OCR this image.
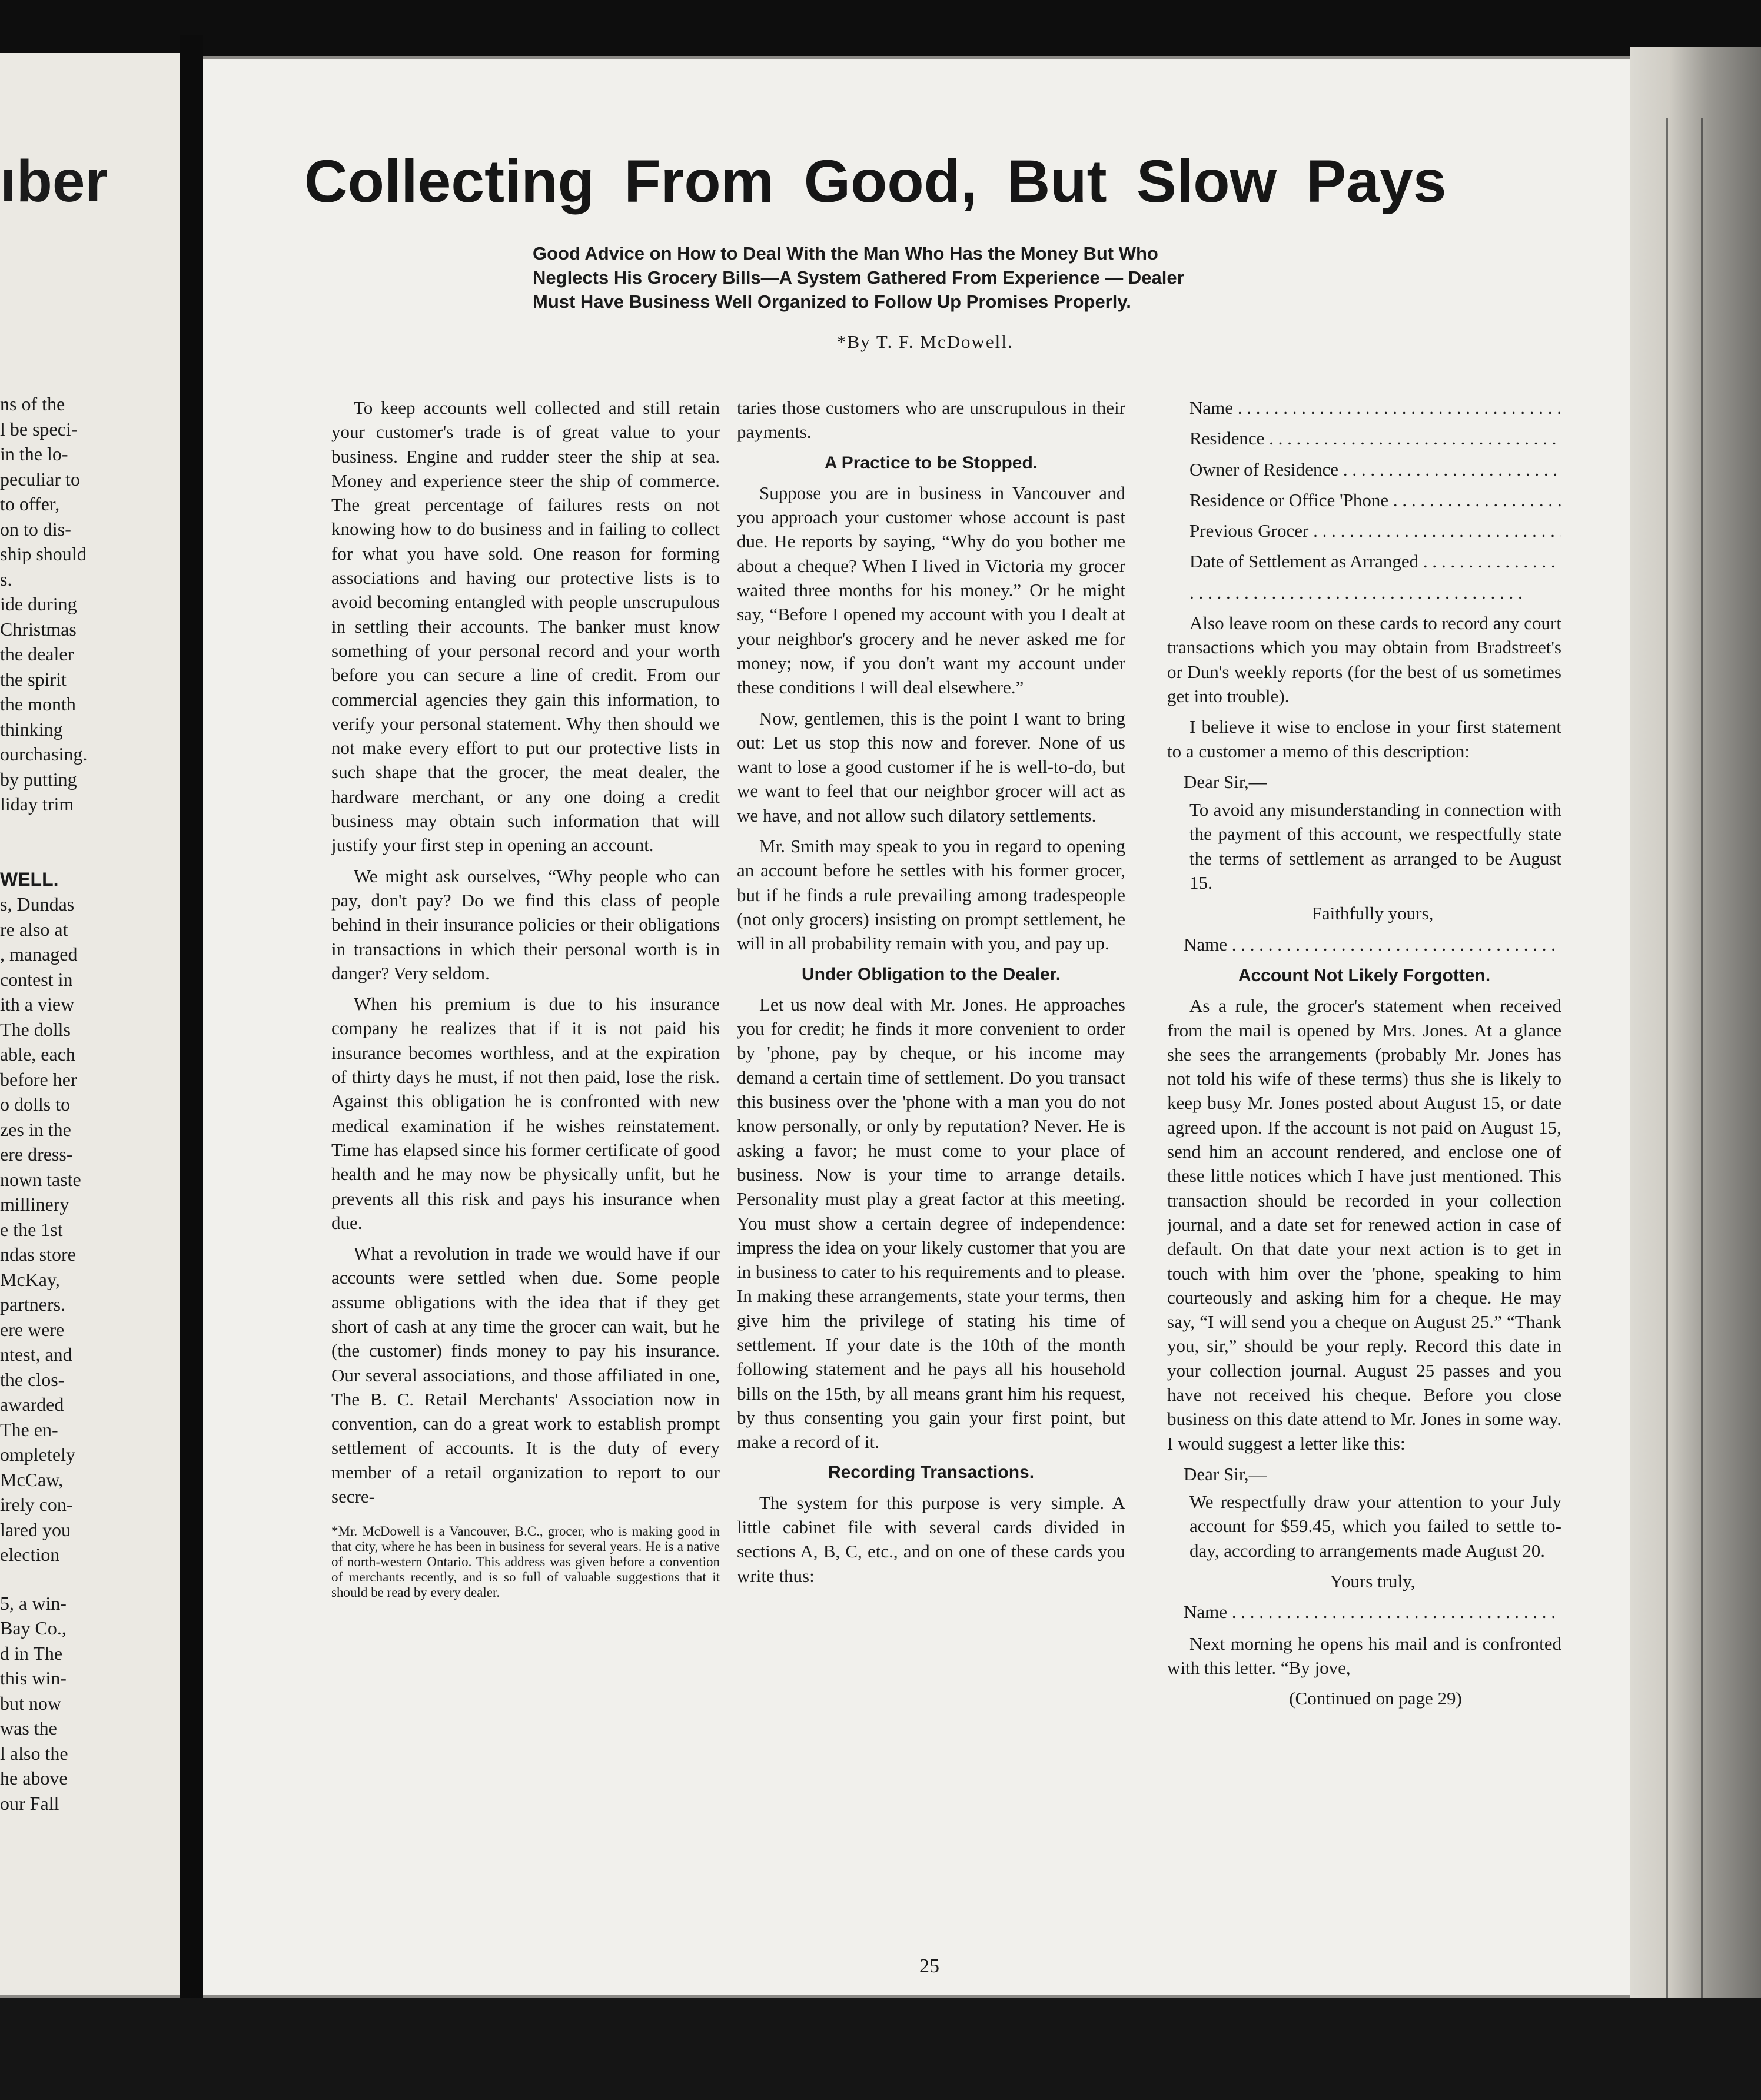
ıber
ns of the
l be speci-
in the lo-
peculiar to
to offer,
on to dis-
ship should
s.
ide during
Christmas
the dealer
the spirit
the month
thinking
ourchasing.
by putting
liday trim
WELL.
s, Dundas
re also at
, managed
contest in
ith a view
The dolls
able, each
before her
o dolls to
zes in the
ere dress-
nown taste
millinery
e the 1st
ndas store
McKay,
partners.
ere were
ntest, and
the clos-
awarded
The en-
ompletely
McCaw,
irely con-
lared you
election
5, a win-
Bay Co.,
d in The
this win-
but now
was the
l also the
he above
our Fall
Collecting From Good, But Slow Pays
Good Advice on How to Deal With the Man Who Has the Money But Who
Neglects His Grocery Bills—A System Gathered From Experience — Dealer
Must Have Business Well Organized to Follow Up Promises Properly.
*By T. F. McDowell.

To keep accounts well collected and still retain your customer's trade is of great value to your business. Engine and rudder steer the ship at sea. Money and experience steer the ship of commerce. The great percentage of failures rests on not knowing how to do business and in failing to collect for what you have sold. One reason for forming associations and having our protective lists is to avoid becoming entangled with people unscrupulous in settling their accounts. The banker must know something of your personal record and your worth before you can secure a line of credit. From our commercial agencies they gain this information, to verify your personal statement. Why then should we not make every effort to put our protective lists in such shape that the grocer, the meat dealer, the hardware merchant, or any one doing a credit business may obtain such information that will justify your first step in opening an account.

We might ask ourselves, “Why people who can pay, don't pay? Do we find this class of people behind in their insurance policies or their obligations in transactions in which their personal worth is in danger? Very seldom.

When his premium is due to his insurance company he realizes that if it is not paid his insurance becomes worthless, and at the expiration of thirty days he must, if not then paid, lose the risk. Against this obligation he is confronted with new medical examination if he wishes reinstatement. Time has elapsed since his former certificate of good health and he may now be physically unfit, but he prevents all this risk and pays his insurance when due.

What a revolution in trade we would have if our accounts were settled when due. Some people assume obligations with the idea that if they get short of cash at any time the grocer can wait, but he (the customer) finds money to pay his insurance. Our several associations, and those affiliated in one, The B. C. Retail Merchants' Association now in convention, can do a great work to establish prompt settlement of accounts. It is the duty of every member of a retail organization to report to our secre-

*Mr. McDowell is a Vancouver, B.C., grocer, who is making good in that city, where he has been in business for several years. He is a native of north-western Ontario. This address was given before a convention of merchants recently, and is so full of valuable suggestions that it should be read by every dealer.

taries those customers who are unscrupulous in their payments.

A Practice to be Stopped.

Suppose you are in business in Vancouver and you approach your customer whose account is past due. He reports by saying, “Why do you bother me about a cheque? When I lived in Victoria my grocer waited three months for his money.” Or he might say, “Before I opened my account with you I dealt at your neighbor's grocery and he never asked me for money; now, if you don't want my account under these conditions I will deal elsewhere.”

Now, gentlemen, this is the point I want to bring out: Let us stop this now and forever. None of us want to lose a good customer if he is well-to-do, but we want to feel that our neighbor grocer will act as we have, and not allow such dilatory settlements.

Mr. Smith may speak to you in regard to opening an account before he settles with his former grocer, but if he finds a rule prevailing among tradespeople (not only grocers) insisting on prompt settlement, he will in all probability remain with you, and pay up.

Under Obligation to the Dealer.

Let us now deal with Mr. Jones. He approaches you for credit; he finds it more convenient to order by 'phone, pay by cheque, or his income may demand a certain time of settlement. Do you transact this business over the 'phone with a man you do not know personally, or only by reputation? Never. He is asking a favor; he must come to your place of business. Now is your time to arrange details. Personality must play a great factor at this meeting. You must show a certain degree of independence: impress the idea on your likely customer that you are in business to cater to his requirements and to please. In making these arrangements, state your terms, then give him the privilege of stating his time of settlement. If your date is the 10th of the month following statement and he pays all his household bills on the 15th, by all means grant him his request, by thus consenting you gain your first point, but make a record of it.

Recording Transactions.

The system for this purpose is very simple. A little cabinet file with several cards divided in sections A, B, C, etc., and on one of these cards you write thus:

Name . . .

Residence . . .

Owner of Residence . . .

Residence or Office 'Phone . . .

Previous Grocer . . .

Date of Settlement as Arranged . . .

. . . . . . . . . . . . . . . . . . . . . . . . . . . . . . . . . . . . .

Also leave room on these cards to record any court transactions which you may obtain from Bradstreet's or Dun's weekly reports (for the best of us sometimes get into trouble).

I believe it wise to enclose in your first statement to a customer a memo of this description:

Dear Sir,—

To avoid any misunderstanding in connection with the payment of this account, we respectfully state the terms of settlement as arranged to be August 15.

Faithfully yours,

Name . . .

Account Not Likely Forgotten.

As a rule, the grocer's statement when received from the mail is opened by Mrs. Jones. At a glance she sees the arrangements (probably Mr. Jones has not told his wife of these terms) thus she is likely to keep busy Mr. Jones posted about August 15, or date agreed upon. If the account is not paid on August 15, send him an account rendered, and enclose one of these little notices which I have just mentioned. This transaction should be recorded in your collection journal, and a date set for renewed action in case of default. On that date your next action is to get in touch with him over the 'phone, speaking to him courteously and asking him for a cheque. He may say, “I will send you a cheque on August 25.” “Thank you, sir,” should be your reply. Record this date in your collection journal. August 25 passes and you have not received his cheque. Before you close business on this date attend to Mr. Jones in some way. I would suggest a letter like this:

Dear Sir,—

We respectfully draw your attention to your July account for $59.45, which you failed to settle to-day, according to arrangements made August 20.

Yours truly,

Name . . .

Next morning he opens his mail and is confronted with this letter. “By jove,

(Continued on page 29)

25
